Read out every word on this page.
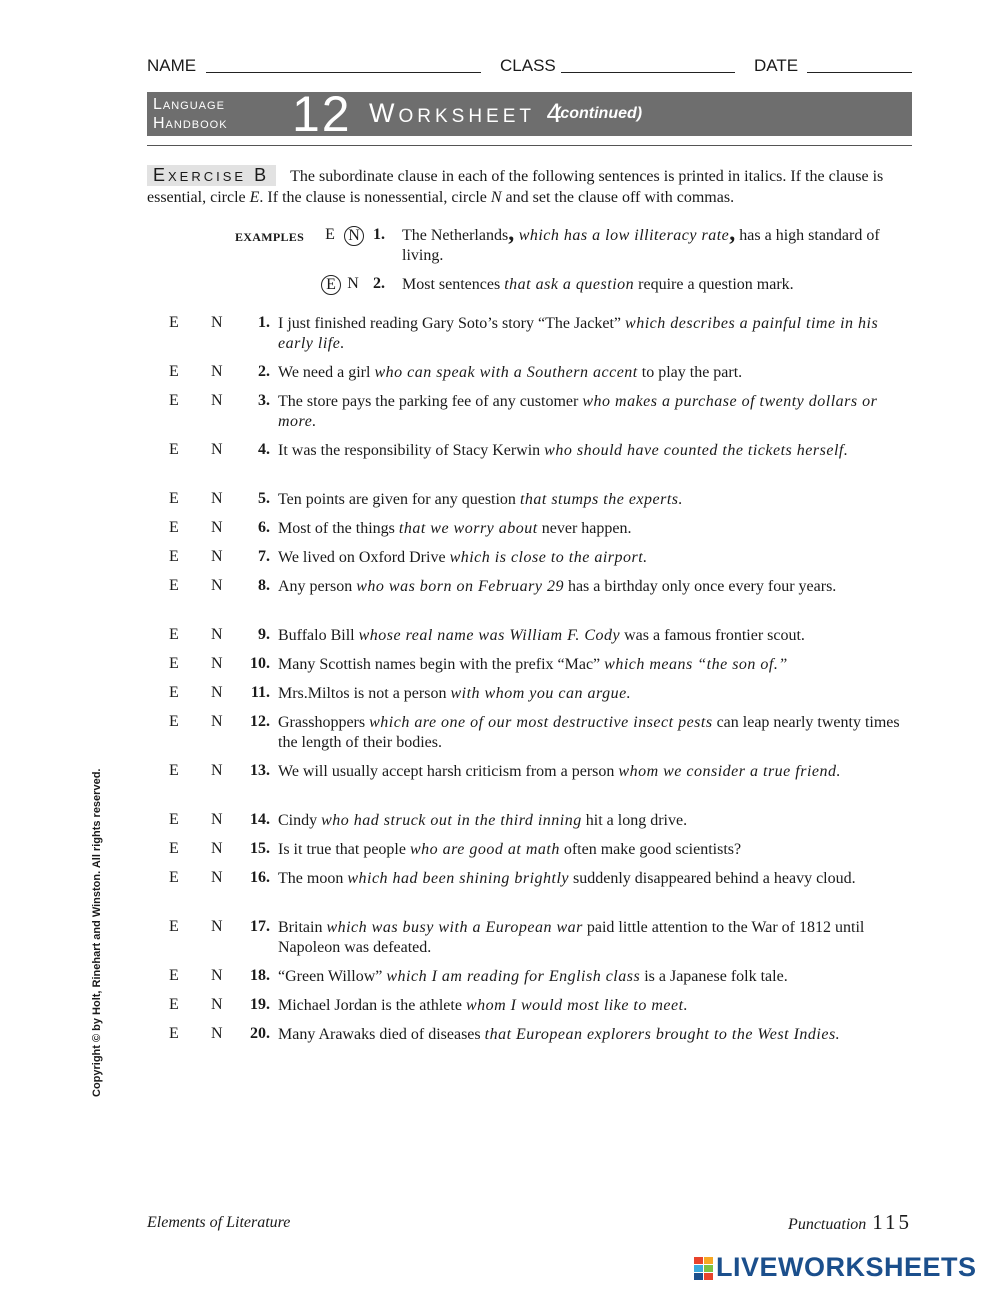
NAME	CLASS	DATE
Language
Handbook 12 Worksheet 4
(continued)
Exercise B The subordinate clause in each of the following sentences is printed in italics. If the clause is essential, circle E. If the clause is nonessential, circle N and set the clause off with commas.
EXAMPLES E N 1. The Netherlands, which has a low illiteracy rate, has a high standard of living.
E N 2. Most sentences that ask a question require a question mark.
E N	1. I just finished reading Gary Soto’s story “The Jacket” which describes a painful time in his early life.
E N	2. We need a girl who can speak with a Southern accent to play the part.
E N	3. The store pays the parking fee of any customer who makes a purchase of twenty dollars or more.
E N	4. It was the responsibility of Stacy Kerwin who should have counted the tickets herself.
E N	5. Ten points are given for any question that stumps the experts.
E N	6. Most of the things that we worry about never happen.
E N	7. We lived on Oxford Drive which is close to the airport.
E N	8. Any person who was born on February 29 has a birthday only once every four years.
E N	9. Buffalo Bill whose real name was William F. Cody was a famous frontier scout.
E N	10. Many Scottish names begin with the prefix “Mac” which means “the son of.”
E N	11. Mrs.Miltos is not a person with whom you can argue.
E N	12. Grasshoppers which are one of our most destructive insect pests can leap nearly twenty times the length of their bodies.
E N	13. We will usually accept harsh criticism from a person whom we consider a true friend.
E N	14. Cindy who had struck out in the third inning hit a long drive.
E N	15. Is it true that people who are good at math often make good scientists?
E N	16. The moon which had been shining brightly suddenly disappeared behind a heavy cloud.
E N	17. Britain which was busy with a European war paid little attention to the War of 1812 until Napoleon was defeated.
E N	18. “Green Willow” which I am reading for English class is a Japanese folk tale.
E N	19. Michael Jordan is the athlete whom I would most like to meet.
E N	20. Many Arawaks died of diseases that European explorers brought to the West Indies.
Copyright © by Holt, Rinehart and Winston. All rights reserved.
Elements of Literature	Punctuation 115
LIVEWORKSHEETS
